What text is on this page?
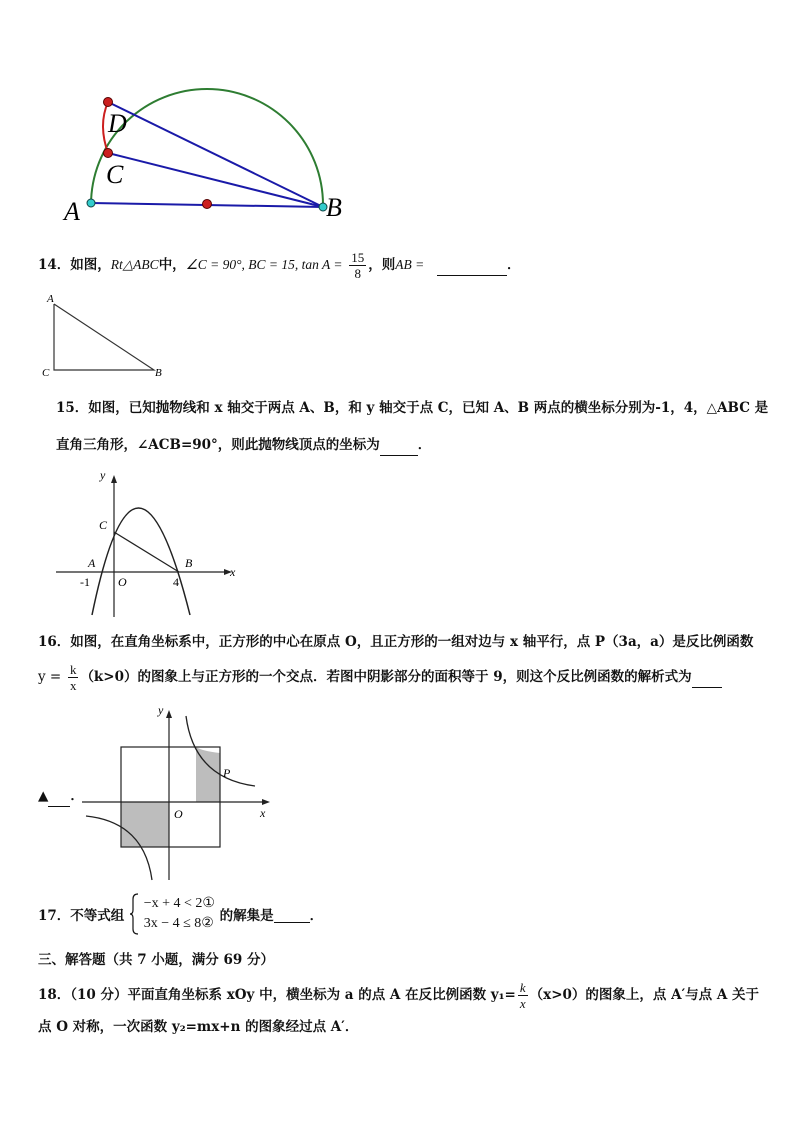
D
C
A	B
14．如图，Rt△ABC中，∠C = 90°, BC = 15, $\tan A = \frac{15}{8}$ ，则AB =	．
A
C	B
15．如图，已知抛物线和 x 轴交于两点 A、B，和 y 轴交于点 C，已知 A、B 两点的横坐标分别为-1，4，△ABC 是
直角三角形，∠ACB=90°，则此抛物线顶点的坐标为	．
y
x
C
A	B
O
-1	4
16．如图，在直角坐标系中，正方形的中心在原点 O，且正方形的一组对边与 x 轴平行，点 P（3a，a）是反比例函数
$y = \frac{k}{x} (k>0)$的图象上与正方形的一个交点．若图中阴影部分的面积等于 9，则这个反比例函数的解析式为
▲ ．
y
x
P
O
17．不等式组
−x + 4 < 2①
3x − 4 ≤ 8② 的解集是	．
三、解答题（共 7 小题，满分 69 分）
18．（10 分）平面直角坐标系 xOy 中，横坐标为 a 的点 A 在反比例函数 $y_1= \frac{k}{x} (x>0)$的图象上，点 A′与点 A 关于
点 O 对称，一次函数 y₂=mx+n 的图象经过点 A′．
